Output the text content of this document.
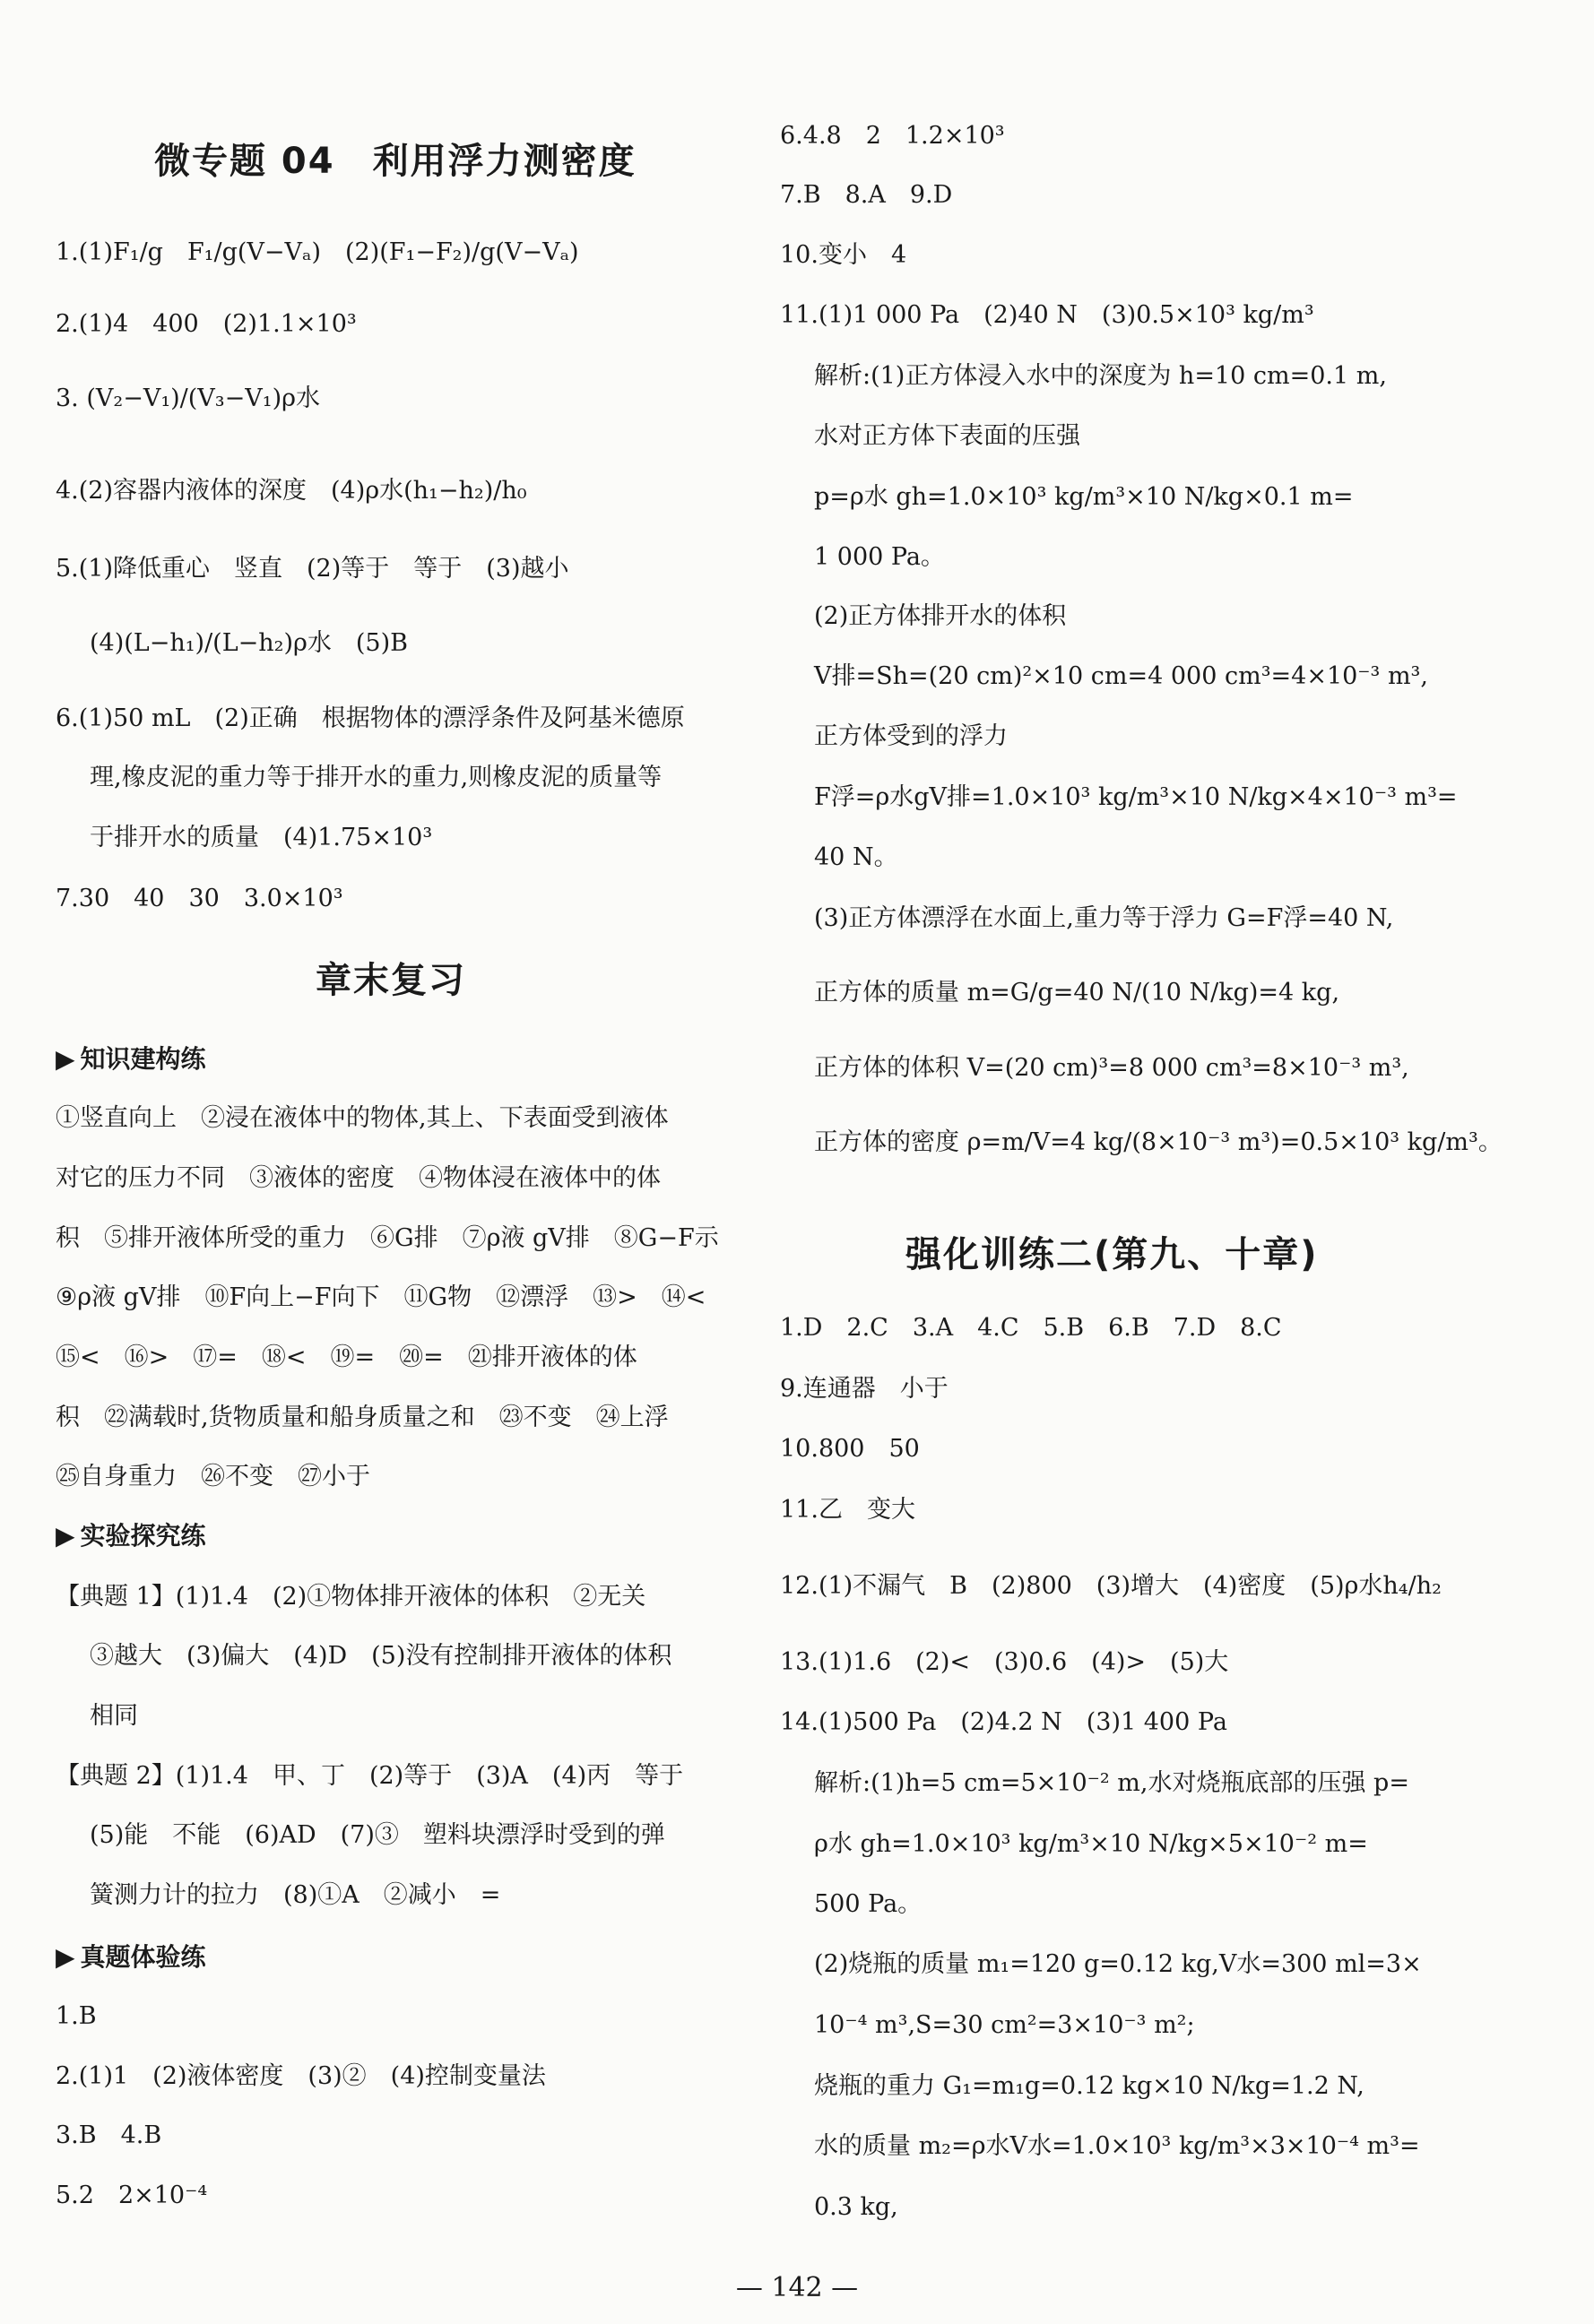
微专题 04　利用浮力测密度
1.(1)F₁/g　F₁/g(V−Vₐ)　(2)(F₁−F₂)/g(V−Vₐ)
2.(1)4　400　(2)1.1×10³
3. (V₂−V₁)/(V₃−V₁)ρ水
4.(2)容器内液体的深度　(4)ρ水(h₁−h₂)/h₀
5.(1)降低重心　竖直　(2)等于　等于　(3)越小
(4)(L−h₁)/(L−h₂)ρ水　(5)B
6.(1)50 mL　(2)正确　根据物体的漂浮条件及阿基米德原
理,橡皮泥的重力等于排开水的重力,则橡皮泥的质量等
于排开水的质量　(4)1.75×10³
7.30　40　30　3.0×10³
章末复习
▶ 知识建构练
①竖直向上　②浸在液体中的物体,其上、下表面受到液体
对它的压力不同　③液体的密度　④物体浸在液体中的体
积　⑤排开液体所受的重力　⑥G排　⑦ρ液 gV排　⑧G−F示
⑨ρ液 gV排　⑩F向上−F向下　⑪G物　⑫漂浮　⑬>　⑭<
⑮<　⑯>　⑰=　⑱<　⑲=　⑳=　㉑排开液体的体
积　㉒满载时,货物质量和船身质量之和　㉓不变　㉔上浮
㉕自身重力　㉖不变　㉗小于
▶ 实验探究练
【典题 1】(1)1.4　(2)①物体排开液体的体积　②无关
③越大　(3)偏大　(4)D　(5)没有控制排开液体的体积
相同
【典题 2】(1)1.4　甲、丁　(2)等于　(3)A　(4)丙　等于
(5)能　不能　(6)AD　(7)③　塑料块漂浮时受到的弹
簧测力计的拉力　(8)①A　②减小　=
▶ 真题体验练
1.B
2.(1)1　(2)液体密度　(3)②　(4)控制变量法
3.B　4.B
5.2　2×10⁻⁴
6.4.8　2　1.2×10³
7.B　8.A　9.D
10.变小　4
11.(1)1 000 Pa　(2)40 N　(3)0.5×10³ kg/m³
解析:(1)正方体浸入水中的深度为 h=10 cm=0.1 m,
水对正方体下表面的压强
p=ρ水 gh=1.0×10³ kg/m³×10 N/kg×0.1 m=
1 000 Pa。
(2)正方体排开水的体积
V排=Sh=(20 cm)²×10 cm=4 000 cm³=4×10⁻³ m³,
正方体受到的浮力
F浮=ρ水gV排=1.0×10³ kg/m³×10 N/kg×4×10⁻³ m³=
40 N。
(3)正方体漂浮在水面上,重力等于浮力 G=F浮=40 N,
正方体的质量 m=G/g=40 N/(10 N/kg)=4 kg,
正方体的体积 V=(20 cm)³=8 000 cm³=8×10⁻³ m³,
正方体的密度 ρ=m/V=4 kg/(8×10⁻³ m³)=0.5×10³ kg/m³。
强化训练二(第九、十章)
1.D　2.C　3.A　4.C　5.B　6.B　7.D　8.C
9.连通器　小于
10.800　50
11.乙　变大
12.(1)不漏气　B　(2)800　(3)增大　(4)密度　(5)ρ水h₄/h₂
13.(1)1.6　(2)<　(3)0.6　(4)>　(5)大
14.(1)500 Pa　(2)4.2 N　(3)1 400 Pa
解析:(1)h=5 cm=5×10⁻² m,水对烧瓶底部的压强 p=
ρ水 gh=1.0×10³ kg/m³×10 N/kg×5×10⁻² m=
500 Pa。
(2)烧瓶的质量 m₁=120 g=0.12 kg,V水=300 ml=3×
10⁻⁴ m³,S=30 cm²=3×10⁻³ m²;
烧瓶的重力 G₁=m₁g=0.12 kg×10 N/kg=1.2 N,
水的质量 m₂=ρ水V水=1.0×10³ kg/m³×3×10⁻⁴ m³=
0.3 kg,
— 142 —
